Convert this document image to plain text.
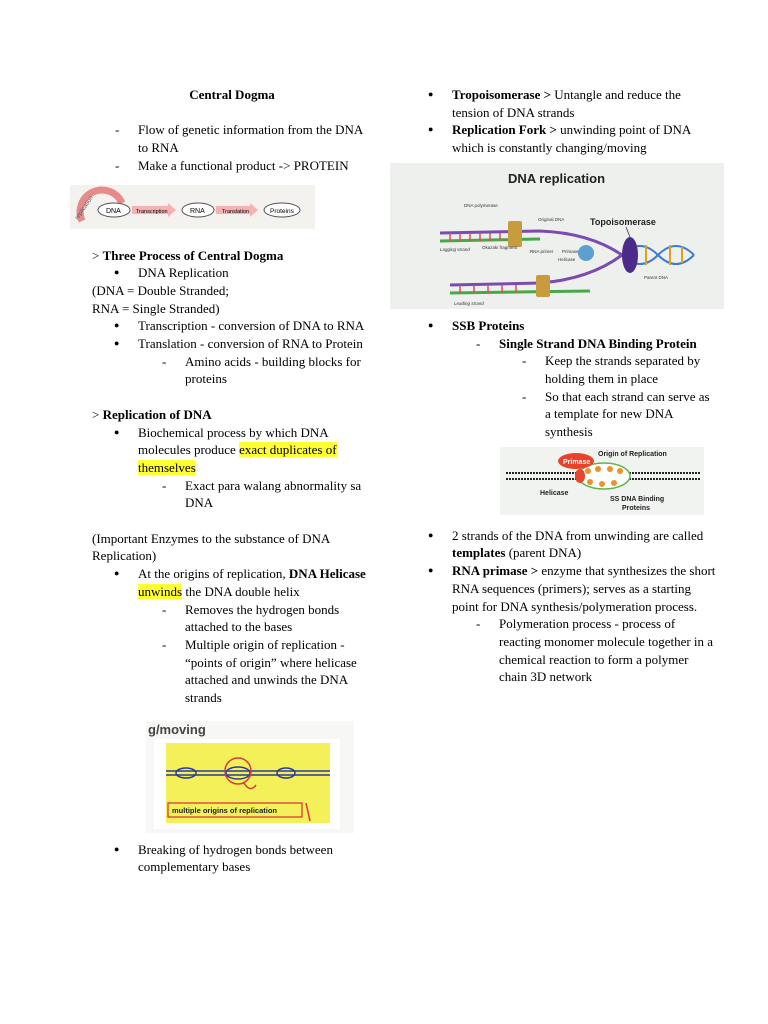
Central Dogma

- Flow of genetic information from the DNA to RNA
- Make a functional product -> PROTEIN
replication DNA	Transcription	RNA	Translation	Proteins

> Three Process of Central Dogma

● DNA Replication

(DNA = Double Stranded;

RNA = Single Stranded)

● Transcription - conversion of DNA to RNA
● Translation - conversion of RNA to Protein
- Amino acids - building blocks for proteins

> Replication of DNA

● Biochemical process by which DNA molecules produce exact duplicates of themselves
- Exact para walang abnormality sa DNA

(Important Enzymes to the substance of DNA Replication)

● At the origins of replication, DNA Helicase unwinds the DNA double helix
- Removes the hydrogen bonds attached to the bases
- Multiple origin of replication - “points of origin” where helicase attached and unwinds the DNA strands
g/moving
multiple origins of replication
● Breaking of hydrogen bonds between complementary bases
● Tropoisomerase > Untangle and reduce the tension of DNA strands
● Replication Fork > unwinding point of DNA which is constantly changing/moving
DNA replication
Topoisomerase
DNA polymerase
Original DNA
Okazaki fragment
RNA primer Primase
Helicase
Lagging strand
Leading strand
Parent DNA
● SSB Proteins
- Single Strand DNA Binding Protein
- Keep the strands separated by holding them in place
- So that each strand can serve as a template for new DNA synthesis
Primase
Origin of Replication
Helicase
SS DNA Binding
Proteins
● 2 strands of the DNA from unwinding are called templates (parent DNA)
● RNA primase > enzyme that synthesizes the short RNA sequences (primers); serves as a starting point for DNA synthesis/polymeration process.
- Polymeration process - process of reacting monomer molecule together in a chemical reaction to form a polymer chain 3D network
